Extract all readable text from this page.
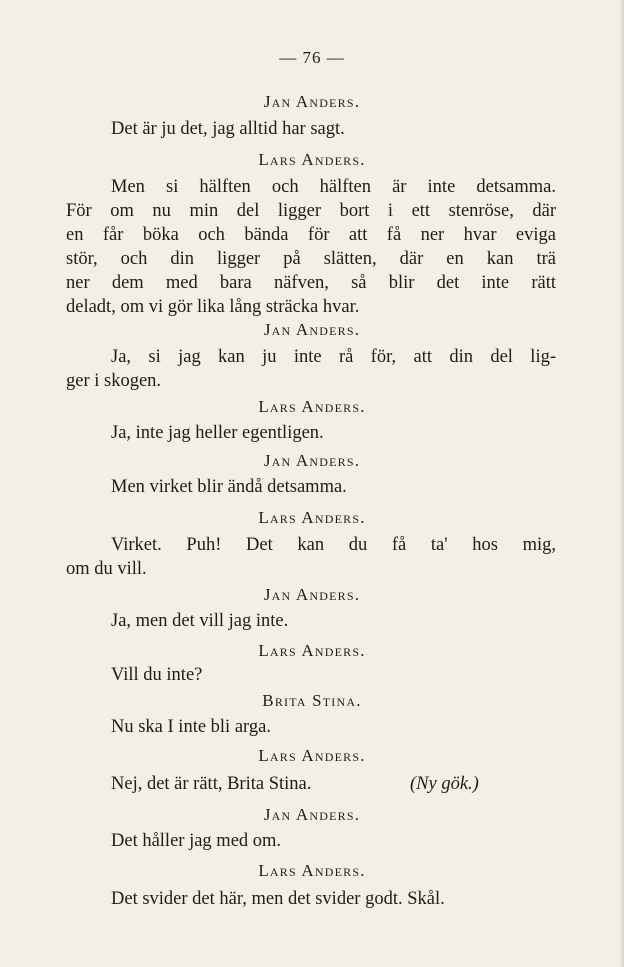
— 76 —
Jan Anders.
Det är ju det, jag alltid har sagt.
Lars Anders.
Men si hälften och hälften är inte detsamma.
För om nu min del ligger bort i ett stenröse, där
en får böka och bända för att få ner hvar eviga
stör, och din ligger på slätten, där en kan trä
ner dem med bara näfven, så blir det inte rätt
deladt, om vi gör lika lång sträcka hvar.
Jan Anders.
Ja, si jag kan ju inte rå för, att din del lig-
ger i skogen.
Lars Anders.
Ja, inte jag heller egentligen.
Jan Anders.
Men virket blir ändå detsamma.
Lars Anders.
Virket. Puh! Det kan du få ta' hos mig,
om du vill.
Jan Anders.
Ja, men det vill jag inte.
Lars Anders.
Vill du inte?
Brita Stina.
Nu ska I inte bli arga.
Lars Anders.
Nej, det är rätt, Brita Stina.	(Ny gök.)
Jan Anders.
Det håller jag med om.
Lars Anders.
Det svider det här, men det svider godt. Skål.
